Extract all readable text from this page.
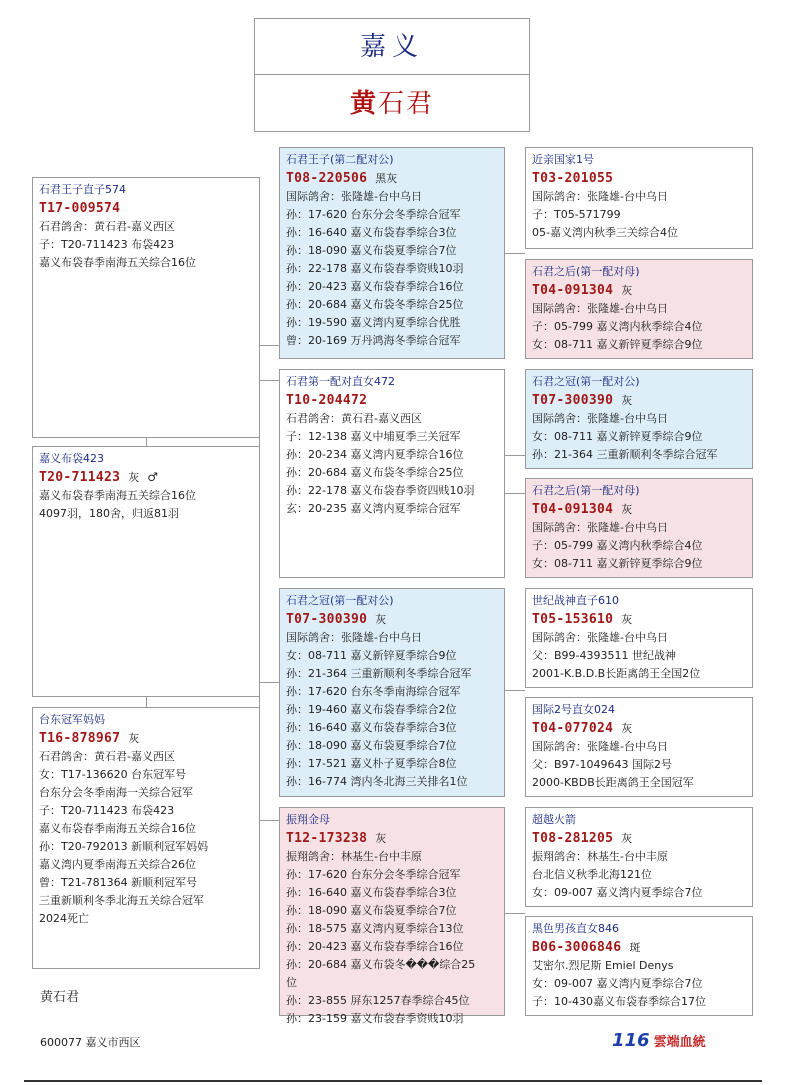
嘉义
黄石君
石君王子直子574
T17-009574
石君鸽舍：黄石君-嘉义西区
子：T20-711423 布袋423
嘉义布袋春季南海五关综合16位
嘉义布袋423
T20-711423 灰 ♂
嘉义布袋春季南海五关综合16位
4097羽，180舍，归返81羽
台东冠军妈妈
T16-878967 灰
石君鸽舍：黄石君-嘉义西区
女：T17-136620 台东冠军号
台东分会冬季南海一关综合冠军
子：T20-711423 布袋423
嘉义布袋春季南海五关综合16位
孙：T20-792013 新顺利冠军妈妈
嘉义湾内夏季南海五关综合26位
曾：T21-781364 新顺利冠军号
三重新顺利冬季北海五关综合冠军
2024死亡
石君王子(第二配对公)
T08-220506 黑灰
国际鸽舍：张隆雄-台中乌日
孙：17-620 台东分会冬季综合冠军
孙：16-640 嘉义布袋春季综合3位
孙：18-090 嘉义布袋夏季综合7位
孙：22-178 嘉义布袋春季资贱10羽
孙：20-423 嘉义布袋春季综合16位
孙：20-684 嘉义布袋冬季综合25位
孙：19-590 嘉义湾内夏季综合优胜
曾：20-169 万丹鸿海冬季综合冠军
石君第一配对直女472
T10-204472
石君鸽舍：黄石君-嘉义西区
子：12-138 嘉义中埔夏季三关冠军
孙：20-234 嘉义湾内夏季综合16位
孙：20-684 嘉义布袋冬季综合25位
孙：22-178 嘉义布袋春季资四贱10羽
玄：20-235 嘉义湾内夏季综合冠军
石君之冠(第一配对公)
T07-300390 灰
国际鸽舍：张隆雄-台中乌日
女：08-711 嘉义新锌夏季综合9位
孙：21-364 三重新顺利冬季综合冠军
孙：17-620 台东冬季南海综合冠军
孙：19-460 嘉义布袋春季综合2位
孙：16-640 嘉义布袋春季综合3位
孙：18-090 嘉义布袋夏季综合7位
孙：17-521 嘉义朴子夏季综合8位
孙：16-774 湾内冬北海三关排名1位
振翔金母
T12-173238 灰
振翔鸽舍：林基生-台中丰原
孙：17-620 台东分会冬季综合冠军
孙：16-640 嘉义布袋春季综合3位
孙：18-090 嘉义布袋夏季综合7位
孙：18-575 嘉义湾内夏季综合13位
孙：20-423 嘉义布袋春季综合16位
孙：20-684 嘉义布袋冬���综合25
位
孙：23-855 屏东1257春季综合45位
孙：23-159 嘉义布袋春季资贱10羽
近亲国家1号
T03-201055
国际鸽舍：张隆雄-台中乌日
子：T05-571799
05-嘉义湾内秋季三关综合4位
石君之后(第一配对母)
T04-091304 灰
国际鸽舍：张隆雄-台中乌日
子：05-799 嘉义湾内秋季综合4位
女：08-711 嘉义新锌夏季综合9位
石君之冠(第一配对公)
T07-300390 灰
国际鸽舍：张隆雄-台中乌日
女：08-711 嘉义新锌夏季综合9位
孙：21-364 三重新顺利冬季综合冠军
石君之后(第一配对母)
T04-091304 灰
国际鸽舍：张隆雄-台中乌日
子：05-799 嘉义湾内秋季综合4位
女：08-711 嘉义新锌夏季综合9位
世纪战神直子610
T05-153610 灰
国际鸽舍：张隆雄-台中乌日
父：B99-4393511 世纪战神
2001-K.B.D.B长距离鸽王全国2位
国际2号直女024
T04-077024 灰
国际鸽舍：张隆雄-台中乌日
父：B97-1049643 国际2号
2000-KBDB长距离鸽王全国冠军
超越火箭
T08-281205 灰
振翔鸽舍：林基生-台中丰原
台北信义秋季北海121位
女：09-007 嘉义湾内夏季综合7位
黑色男孩直女846
B06-3006846 斑
艾密尔.烈尼斯 Emiel Denys
女：09-007 嘉义湾内夏季综合7位
子：10-430嘉义布袋春季综合17位
黄石君
600077 嘉义市西区	116 雲端血統
